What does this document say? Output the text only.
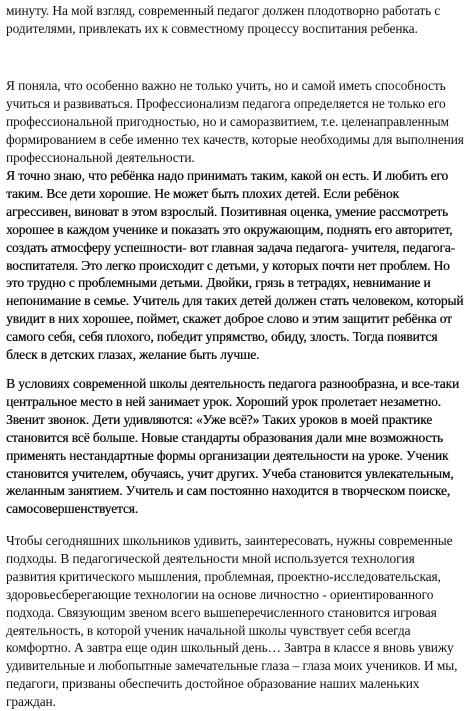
минуту. На мой взгляд, современный педагог должен плодотворно работать с
родителями, привлекать их к совместному процессу воспитания ребенка.

Я поняла, что особенно важно не только учить, но и самой иметь способность
учиться и развиваться. Профессионализм педагога определяется не только его
профессиональной пригодностью, но и саморазвитием, т.е. целенаправленным
формированием в себе именно тех качеств, которые необходимы для выполнения
профессиональной деятельности.

Я точно знаю, что ребёнка надо принимать таким, какой он есть. И любить его
таким. Все дети хорошие. Не может быть плохих детей. Если ребёнок
агрессивен, виноват в этом взрослый. Позитивная оценка, умение рассмотреть
хорошее в каждом ученике и показать это окружающим, поднять его авторитет,
создать атмосферу успешности- вот главная задача педагога- учителя, педагога-
воспитателя. Это легко происходит с детьми, у которых почти нет проблем. Но
это трудно с проблемными детьми. Двойки, грязь в тетрадях, невнимание и
непонимание в семье. Учитель для таких детей должен стать человеком, который
увидит в них хорошее, поймет, скажет доброе слово и этим защитит ребёнка от
самого себя, себя плохого, победит упрямство, обиду, злость. Тогда появится
блеск в детских глазах, желание быть лучше.

В условиях современной школы деятельность педагога разнообразна, и все-таки
центральное место в ней занимает урок. Хороший урок пролетает незаметно.
Звенит звонок. Дети удивляются: «Уже всё?» Таких уроков в моей практике
становится всё больше. Новые стандарты образования дали мне возможность
применять нестандартные формы организации деятельности на уроке. Ученик
становится учителем, обучаясь, учит других. Учеба становится увлекательным,
желанным занятием. Учитель и сам постоянно находится в творческом поиске,
самосовершенствуется.

Чтобы сегодняшних школьников удивить, заинтересовать, нужны современные
подходы. В педагогической деятельности мной используется технология
развития критического мышления, проблемная, проектно-исследовательская,
здоровьесберегающие технологии на основе личностно - ориентированного
подхода. Связующим звеном всего вышеперечисленного становится игровая
деятельность, в которой ученик начальной школы чувствует себя всегда
комфортно. А завтра еще один школьный день… Завтра в классе я вновь увижу
удивительные и любопытные замечательные глаза – глаза моих учеников. И мы,
педагоги, призваны обеспечить достойное образование наших маленьких
граждан.
